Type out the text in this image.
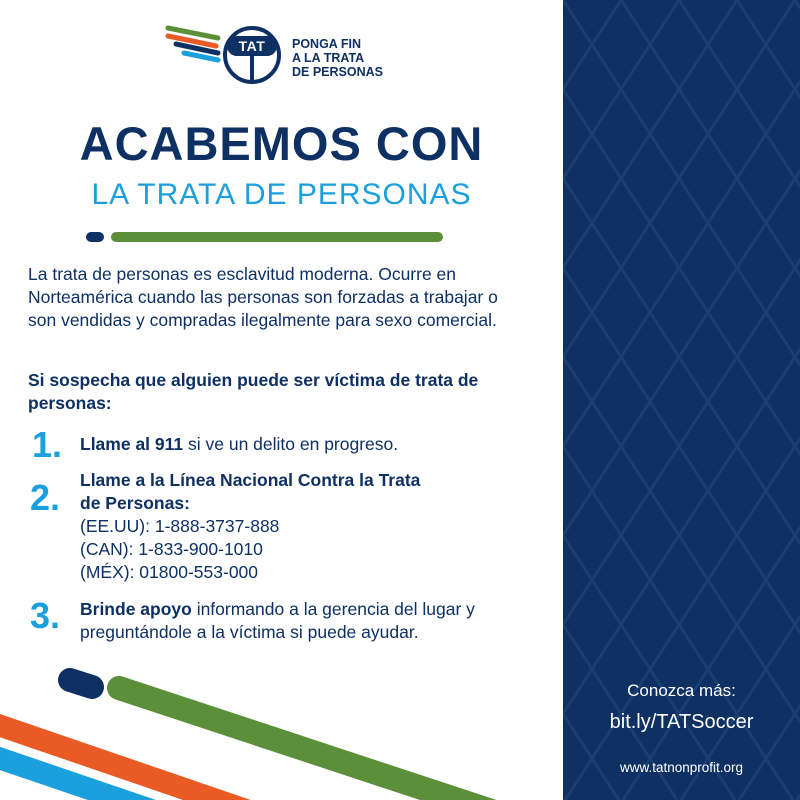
Conozca más:
bit.ly/TATSoccer
www.tatnonprofit.org
TAT	PONGA FIN
A LA TRATA
DE PERSONAS
ACABEMOS CON
LA TRATA DE PERSONAS
La trata de personas es esclavitud moderna. Ocurre en Norteamérica cuando las personas son forzadas a trabajar o son vendidas y compradas ilegalmente para sexo comercial.
Si sospecha que alguien puede ser víctima de trata de personas:
1. Llame al 911 si ve un delito en progreso.
2. Llame a la Línea Nacional Contra la Trata
de Personas:
(EE.UU): 1-888-3737-888
(CAN): 1-833-900-1010
(MÉX): 01800-553-000
3. Brinde apoyo informando a la gerencia del lugar y
preguntándole a la víctima si puede ayudar.
